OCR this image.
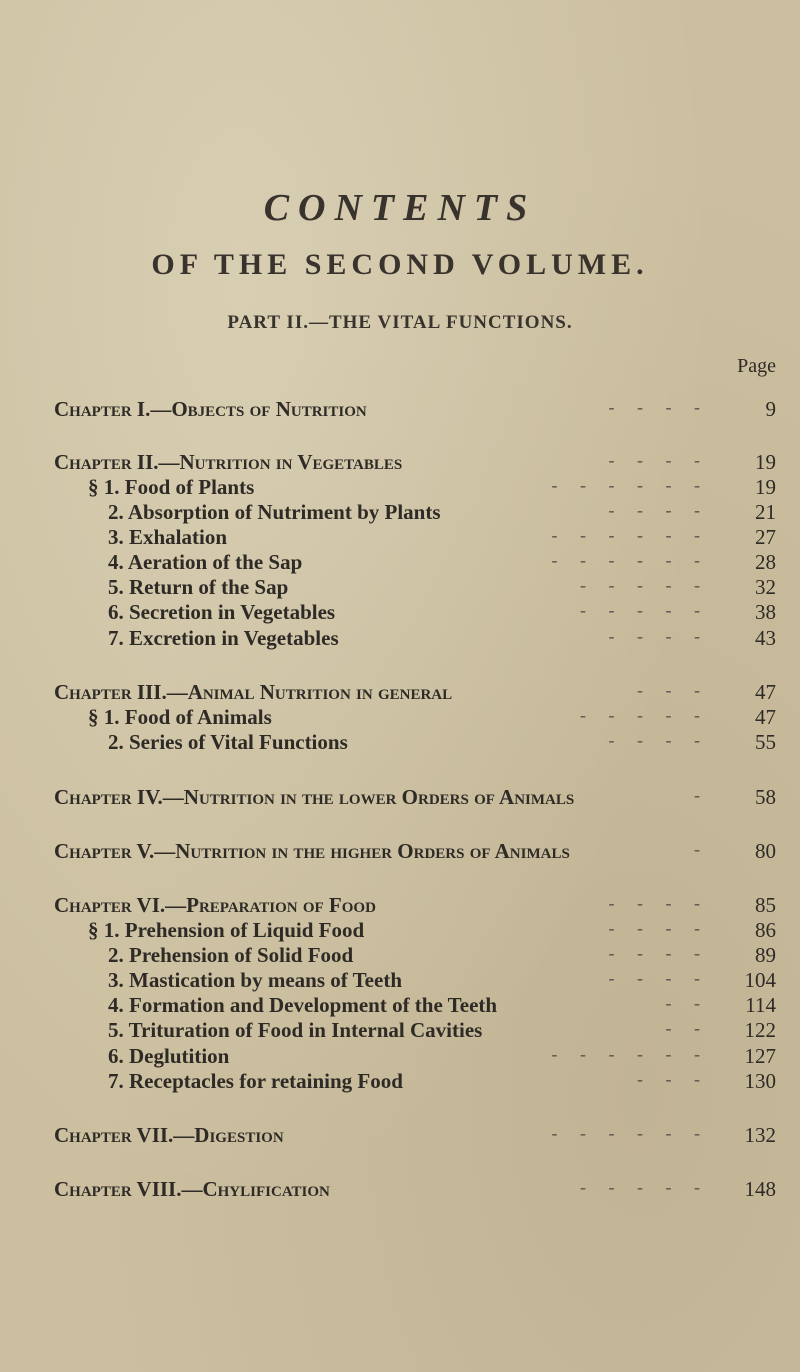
CONTENTS
OF THE SECOND VOLUME.
PART II.—THE VITAL FUNCTIONS.
Page
Chapter I.—Objects of Nutrition	-     -     -     -	9
Chapter II.—Nutrition in Vegetables	-     -     -     -	19
§ 1. Food of Plants	-     -     -     -     -     -	19
2. Absorption of Nutriment by Plants	-     -     -     -	21
3. Exhalation	-     -     -     -     -     -	27
4. Aeration of the Sap	-     -     -     -     -     -	28
5. Return of the Sap	-     -     -     -     -	32
6. Secretion in Vegetables	-     -     -     -     -	38
7. Excretion in Vegetables	-     -     -     -	43
Chapter III.—Animal Nutrition in general	-     -     -	47
§ 1. Food of Animals	-     -     -     -     -	47
2. Series of Vital Functions	-     -     -     -	55
Chapter IV.—Nutrition in the lower Orders of Animals	-	58
Chapter V.—Nutrition in the higher Orders of Animals	-	80
Chapter VI.—Preparation of Food	-     -     -     -	85
§ 1. Prehension of Liquid Food	-     -     -     -	86
2. Prehension of Solid Food	-     -     -     -	89
3. Mastication by means of Teeth	-     -     -     -	104
4. Formation and Development of the Teeth	-     -	114
5. Trituration of Food in Internal Cavities	-     -	122
6. Deglutition	-     -     -     -     -     -	127
7. Receptacles for retaining Food	-     -     -	130
Chapter VII.—Digestion	-     -     -     -     -     -	132
Chapter VIII.—Chylification	-     -     -     -     -	148
